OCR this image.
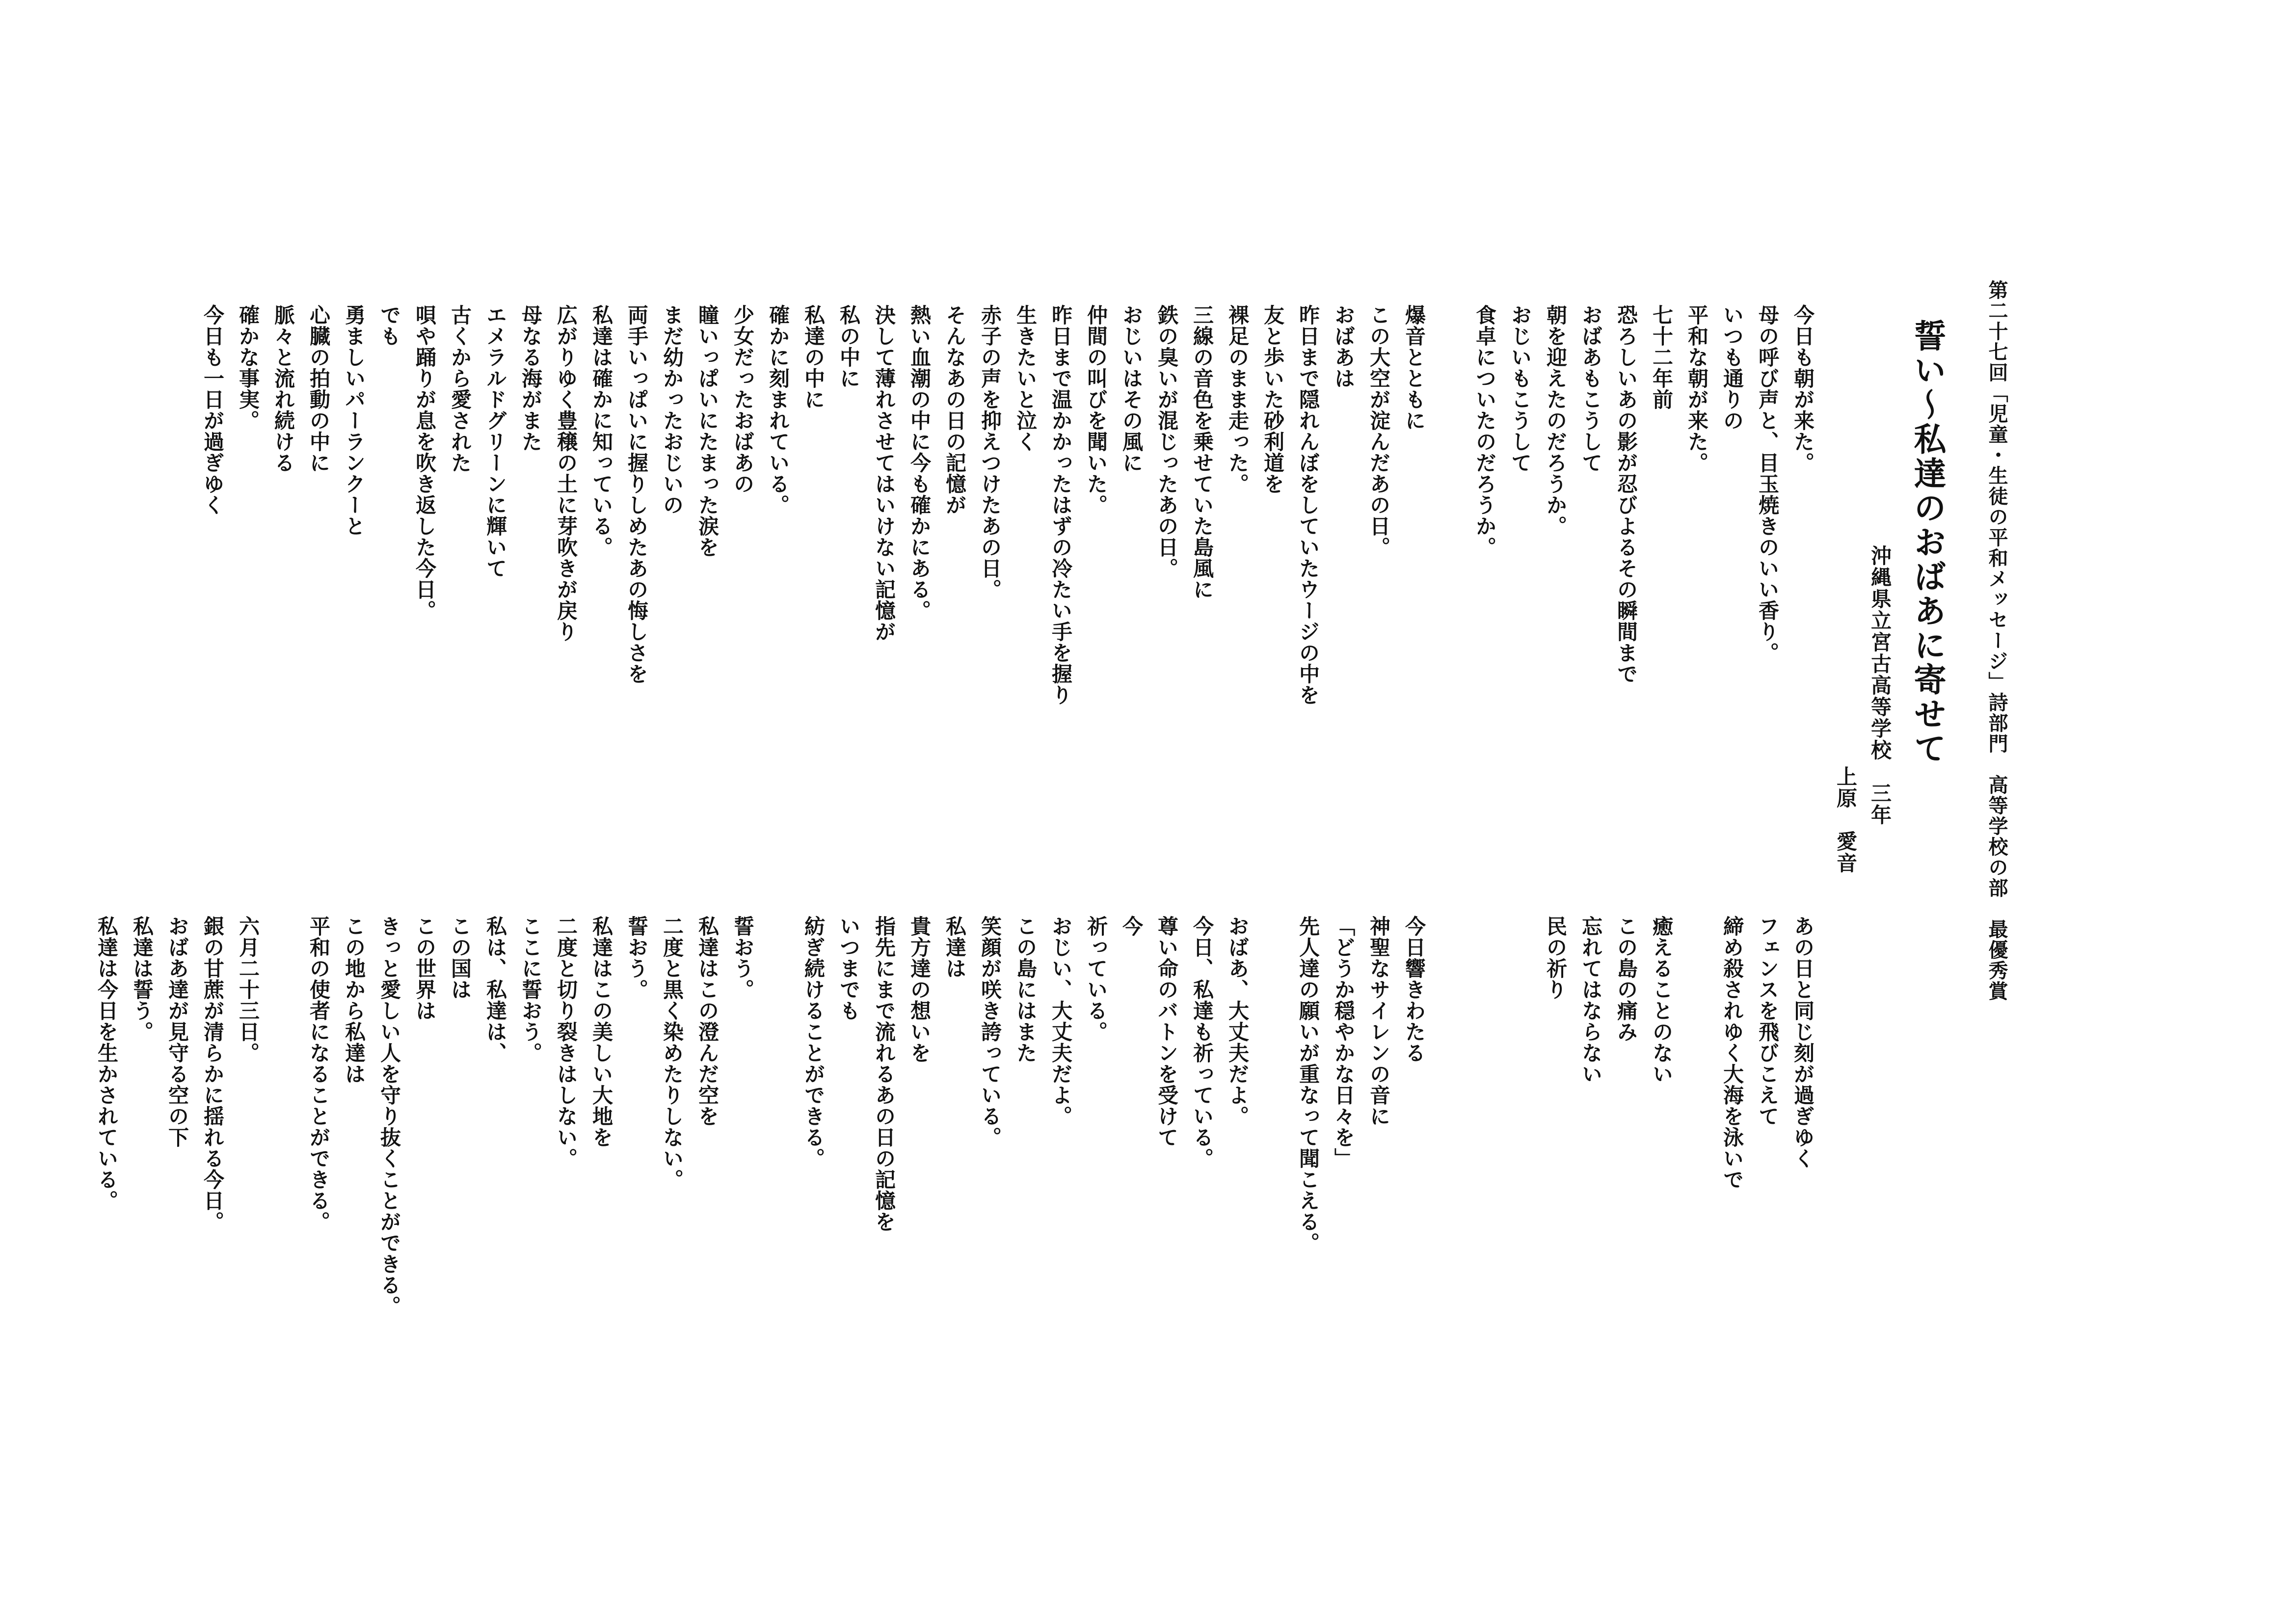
第二十七回「児童・生徒の平和メッセージ」詩部門　高等学校の部　最優秀賞
誓い～私達のおばあに寄せて
沖縄県立宮古高等学校　三年
上原　愛音
今日も朝が来た。
母の呼び声と、目玉焼きのいい香り。
いつも通りの
平和な朝が来た。
七十二年前
恐ろしいあの影が忍びよるその瞬間まで
おばあもこうして
朝を迎えたのだろうか。
おじいもこうして
食卓についたのだろうか。
爆音とともに
この大空が淀んだあの日。
おばあは
昨日まで隠れんぼをしていたウージの中を
友と歩いた砂利道を
裸足のまま走った。
三線の音色を乗せていた島風に
鉄の臭いが混じったあの日。
おじいはその風に
仲間の叫びを聞いた。
昨日まで温かかったはずの冷たい手を握り
生きたいと泣く
赤子の声を抑えつけたあの日。
そんなあの日の記憶が
熱い血潮の中に今も確かにある。
決して薄れさせてはいけない記憶が
私の中に
私達の中に
確かに刻まれている。
少女だったおばあの
瞳いっぱいにたまった涙を
まだ幼かったおじいの
両手いっぱいに握りしめたあの悔しさを
私達は確かに知っている。
広がりゆく豊穣の土に芽吹きが戻り
母なる海がまた
エメラルドグリーンに輝いて
古くから愛された
唄や踊りが息を吹き返した今日。
でも
勇ましいパーランクーと
心臓の拍動の中に
脈々と流れ続ける
確かな事実。
今日も一日が過ぎゆく
あの日と同じ刻が過ぎゆく
フェンスを飛びこえて
締め殺されゆく大海を泳いで
癒えることのない
この島の痛み
忘れてはならない
民の祈り
今日響きわたる
神聖なサイレンの音に
「どうか穏やかな日々を」
先人達の願いが重なって聞こえる。
おばあ、大丈夫だよ。
今日、私達も祈っている。
尊い命のバトンを受けて
今
祈っている。
おじい、大丈夫だよ。
この島にはまた
笑顔が咲き誇っている。
私達は
貴方達の想いを
指先にまで流れるあの日の記憶を
いつまでも
紡ぎ続けることができる。
誓おう。
私達はこの澄んだ空を
二度と黒く染めたりしない。
誓おう。
私達はこの美しい大地を
二度と切り裂きはしない。
ここに誓おう。
私は、私達は、
この国は
この世界は
きっと愛しい人を守り抜くことができる。
この地から私達は
平和の使者になることができる。
六月二十三日。
銀の甘蔗が清らかに揺れる今日。
おばあ達が見守る空の下
私達は誓う。
私達は今日を生かされている。
